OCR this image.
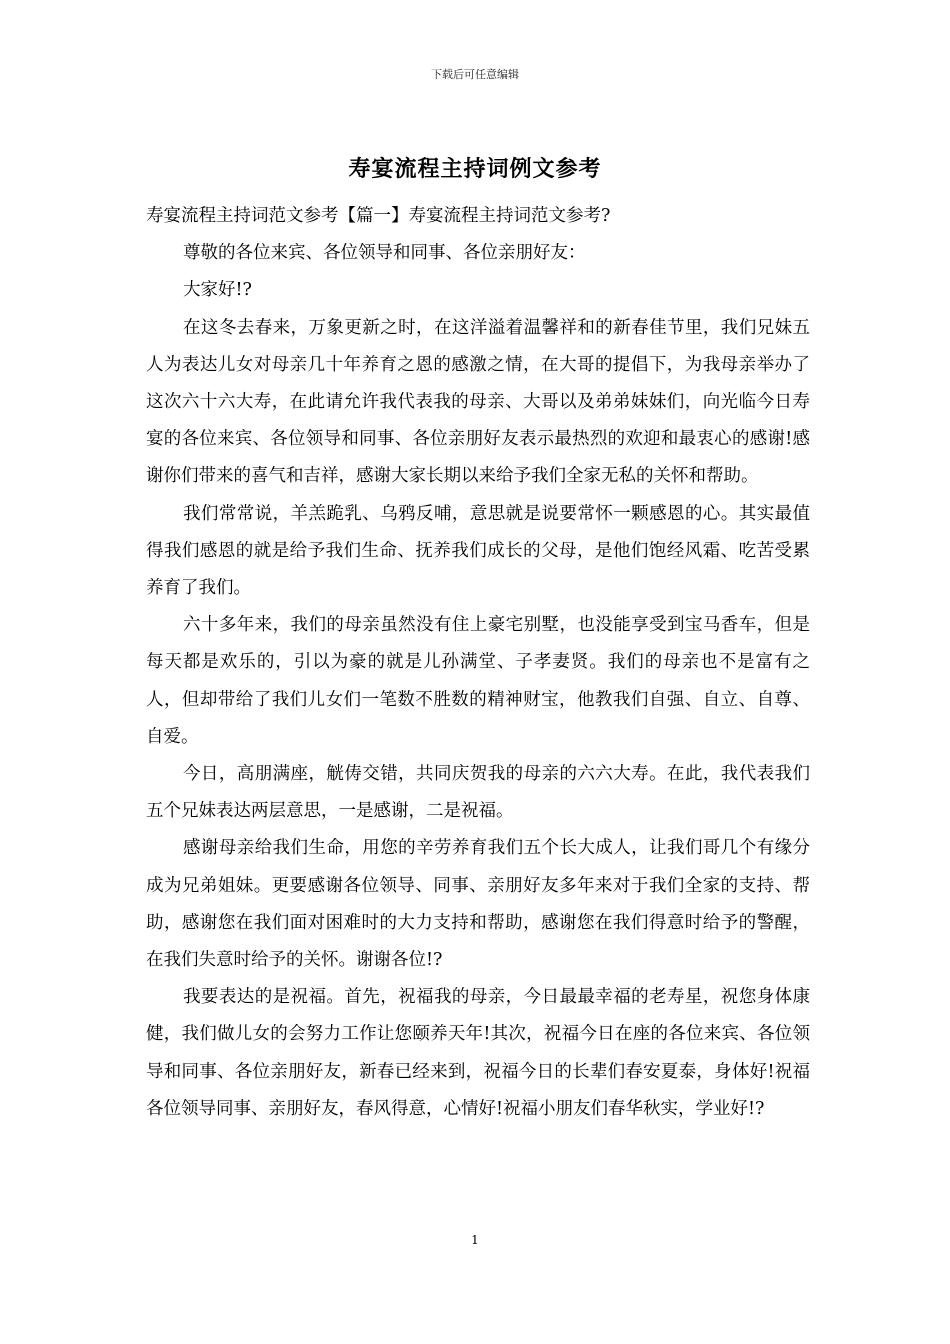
下载后可任意编辑
寿宴流程主持词例文参考

寿宴流程主持词范文参考【篇一】寿宴流程主持词范文参考?

尊敬的各位来宾、各位领导和同事、各位亲朋好友：

大家好!?

在这冬去春来，万象更新之时，在这洋溢着温馨祥和的新春佳节里，我们兄妹五人为表达儿女对母亲几十年养育之恩的感激之情，在大哥的提倡下，为我母亲举办了这次六十六大寿，在此请允许我代表我的母亲、大哥以及弟弟妹妹们，向光临今日寿宴的各位来宾、各位领导和同事、各位亲朋好友表示最热烈的欢迎和最衷心的感谢!感谢你们带来的喜气和吉祥，感谢大家长期以来给予我们全家无私的关怀和帮助。

我们常常说，羊羔跪乳、乌鸦反哺，意思就是说要常怀一颗感恩的心。其实最值得我们感恩的就是给予我们生命、抚养我们成长的父母，是他们饱经风霜、吃苦受累养育了我们。

六十多年来，我们的母亲虽然没有住上豪宅别墅，也没能享受到宝马香车，但是每天都是欢乐的，引以为豪的就是儿孙满堂、子孝妻贤。我们的母亲也不是富有之人，但却带给了我们儿女们一笔数不胜数的精神财宝，他教我们自强、自立、自尊、自爱。

今日，高朋满座，觥俦交错，共同庆贺我的母亲的六六大寿。在此，我代表我们五个兄妹表达两层意思，一是感谢，二是祝福。

感谢母亲给我们生命，用您的辛劳养育我们五个长大成人，让我们哥几个有缘分成为兄弟姐妹。更要感谢各位领导、同事、亲朋好友多年来对于我们全家的支持、帮助，感谢您在我们面对困难时的大力支持和帮助，感谢您在我们得意时给予的警醒，在我们失意时给予的关怀。谢谢各位!?

我要表达的是祝福。首先，祝福我的母亲，今日最最幸福的老寿星，祝您身体康健，我们做儿女的会努力工作让您颐养天年!其次，祝福今日在座的各位来宾、各位领导和同事、各位亲朋好友，新春已经来到，祝福今日的长辈们春安夏泰，身体好!祝福各位领导同事、亲朋好友，春风得意，心情好!祝福小朋友们春华秋实，学业好!?

1
